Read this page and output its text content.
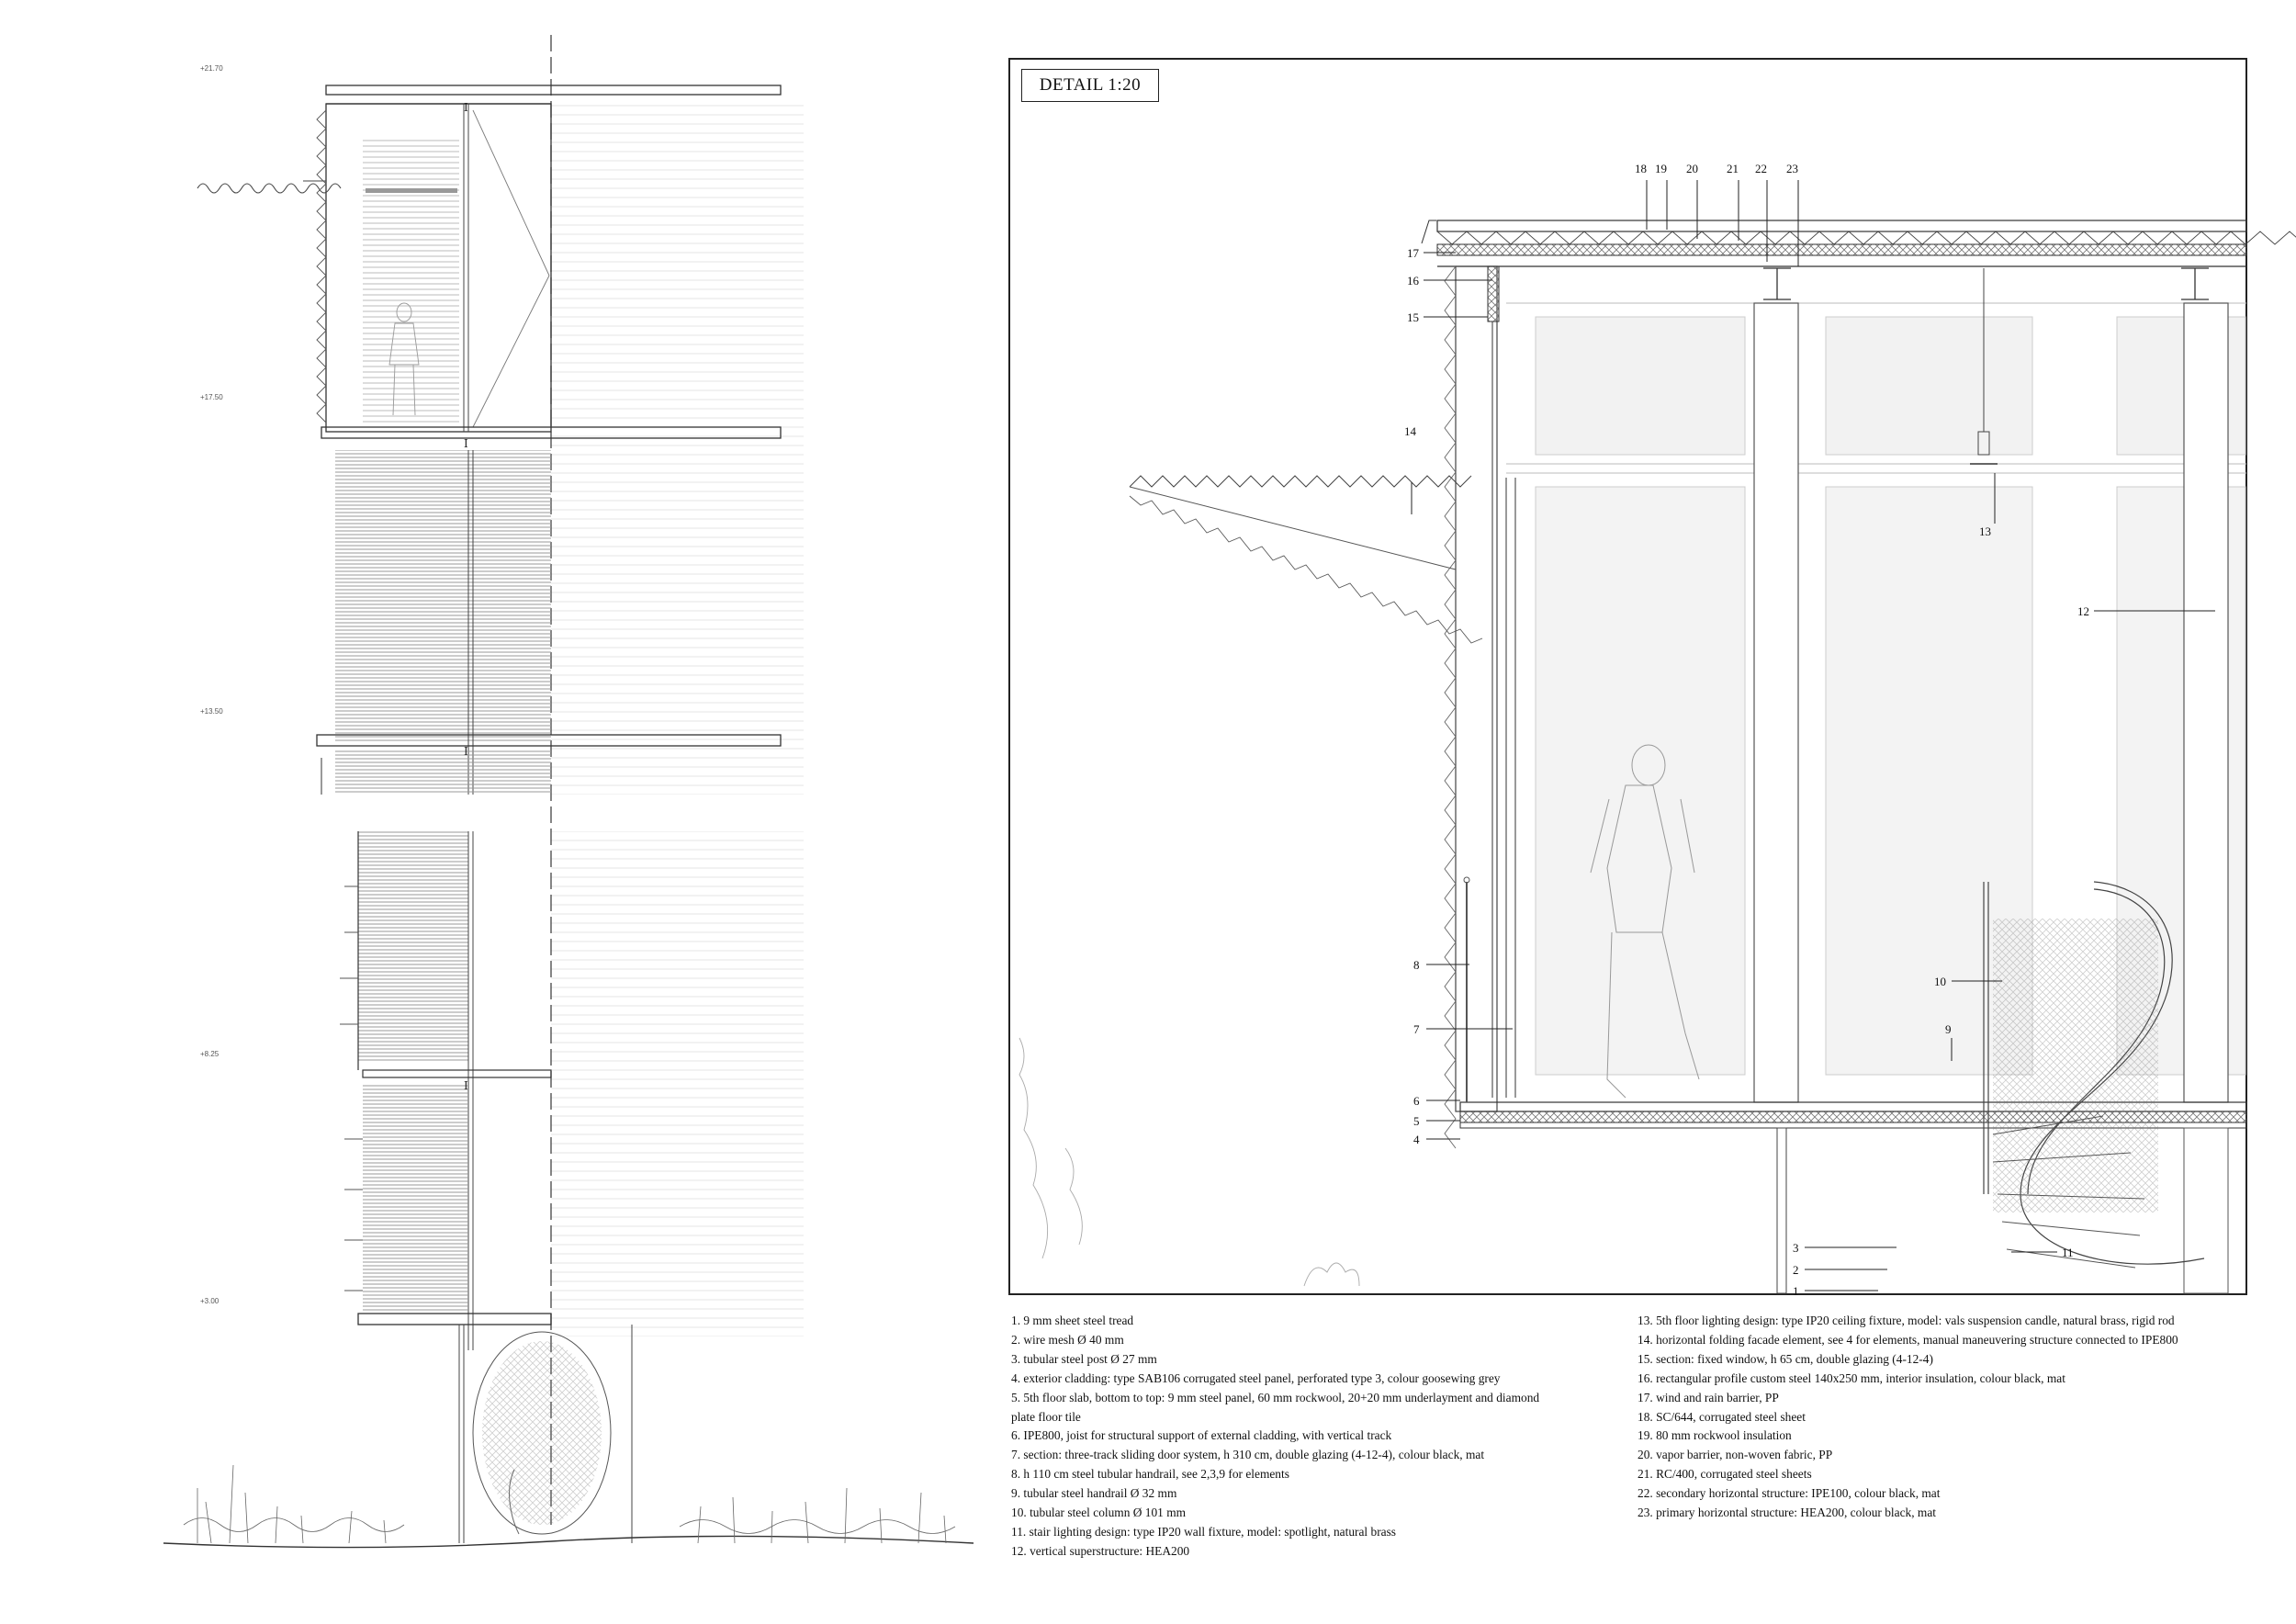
I
I
I
I
+21.70
+17.50
+13.50
+8.25
+3.00
DETAIL 1:20
18 19 20 21 22 23
17
16
15
14
8
7
6
5
4
13
12
10
9
3
2
1
11
1. 9 mm sheet steel tread
2. wire mesh Ø 40 mm
3. tubular steel post Ø 27 mm
4. exterior cladding: type SAB106 corrugated steel panel, perforated type 3, colour goosewing grey
5. 5th floor slab, bottom to top: 9 mm steel panel, 60 mm rockwool, 20+20 mm underlayment and diamond
plate floor tile
6. IPE800, joist for structural support of external cladding, with vertical track
7. section: three-track sliding door system, h 310 cm, double glazing (4-12-4), colour black, mat
8. h 110 cm steel tubular handrail, see 2,3,9 for elements
9. tubular steel handrail Ø 32 mm
10. tubular steel column Ø 101 mm
11. stair lighting design: type IP20 wall fixture, model: spotlight, natural brass
12. vertical superstructure: HEA200
13. 5th floor lighting design: type IP20 ceiling fixture, model: vals suspension candle, natural brass, rigid rod
14. horizontal folding facade element, see 4 for elements, manual maneuvering structure connected to IPE800
15. section: fixed window, h 65 cm, double glazing (4-12-4)
16. rectangular profile custom steel 140x250 mm, interior insulation, colour black, mat
17. wind and rain barrier, PP
18. SC/644, corrugated steel sheet
19. 80 mm rockwool insulation
20. vapor barrier, non-woven fabric, PP
21. RC/400, corrugated steel sheets
22. secondary horizontal structure: IPE100, colour black, mat
23. primary horizontal structure: HEA200, colour black, mat
